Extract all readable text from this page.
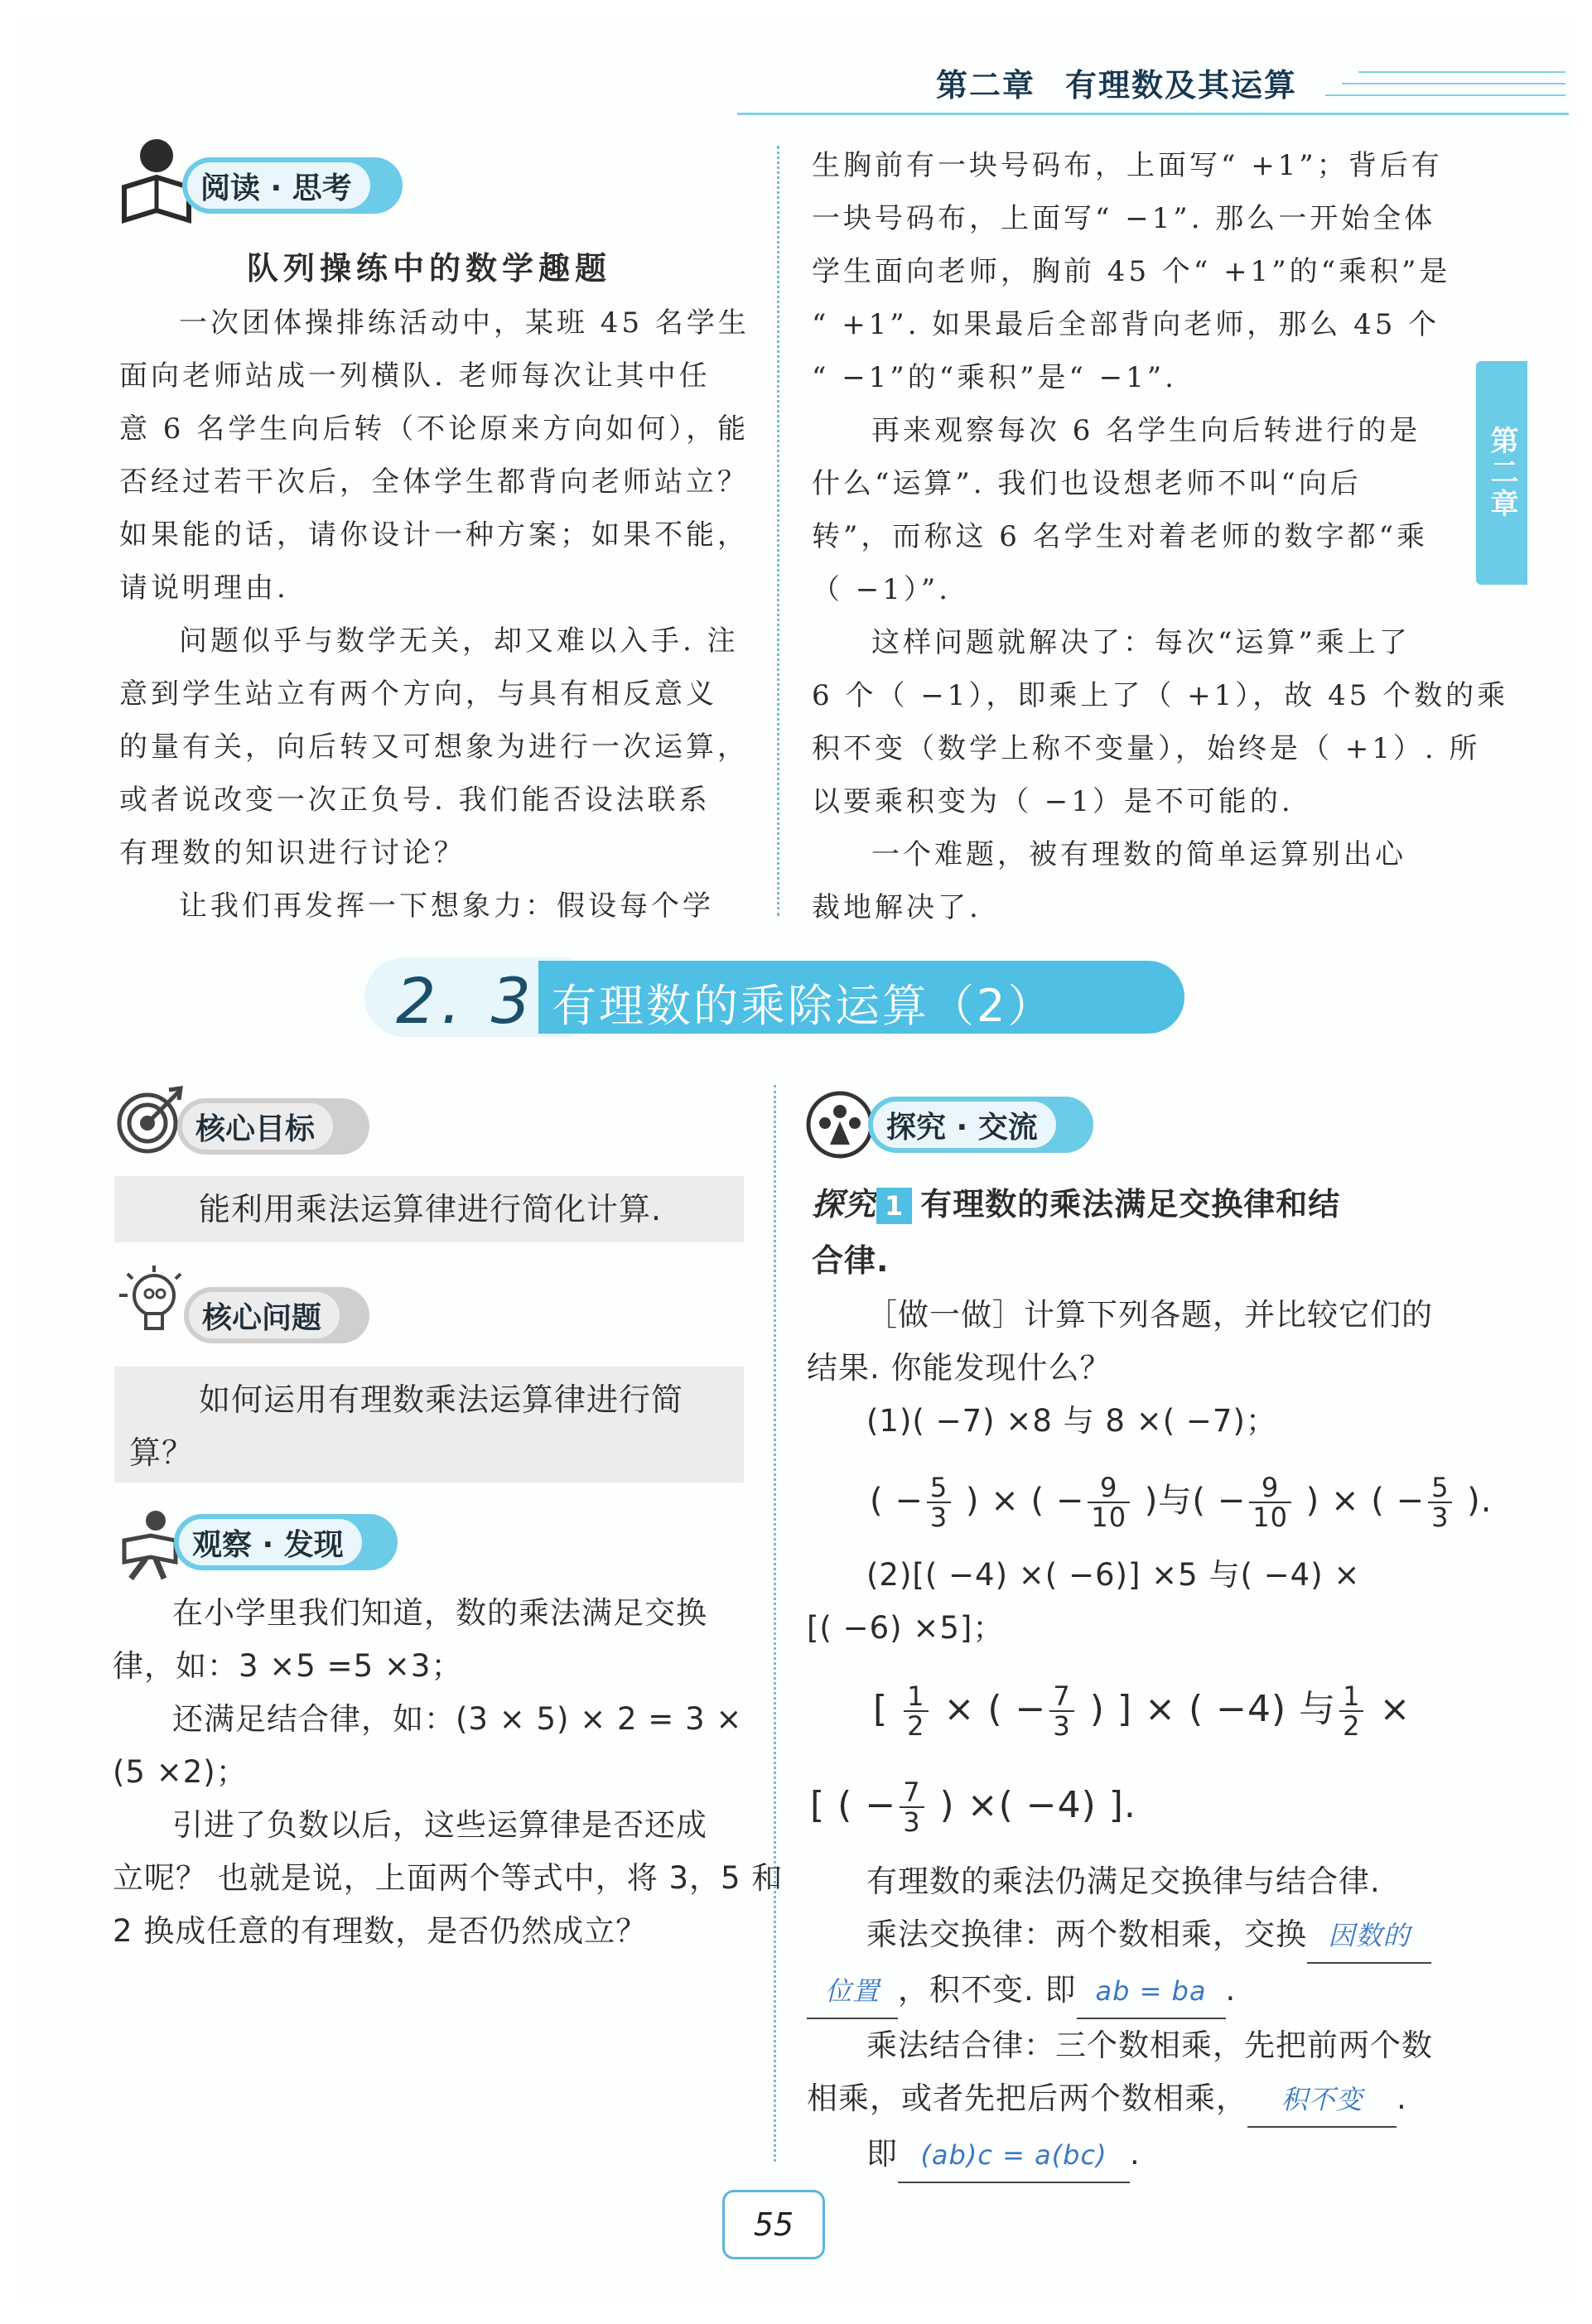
第二章 有理数及其运算
第二章
阅读 · 思考
队列操练中的数学趣题
一次团体操排练活动中，某班 45 名学生
面向老师站成一列横队. 老师每次让其中任
意 6 名学生向后转（不论原来方向如何），能
否经过若干次后，全体学生都背向老师站立？
如果能的话，请你设计一种方案；如果不能，
请说明理由.
问题似乎与数学无关，却又难以入手. 注
意到学生站立有两个方向，与具有相反意义
的量有关，向后转又可想象为进行一次运算，
或者说改变一次正负号. 我们能否设法联系
有理数的知识进行讨论？
让我们再发挥一下想象力：假设每个学
生胸前有一块号码布，上面写“ +1”；背后有
一块号码布，上面写“ −1”. 那么一开始全体
学生面向老师，胸前 45 个“ +1”的“乘积”是
“ +1”. 如果最后全部背向老师，那么 45 个
“ −1”的“乘积”是“ −1”.
再来观察每次 6 名学生向后转进行的是
什么“运算”. 我们也设想老师不叫“向后
转”，而称这 6 名学生对着老师的数字都“乘
（ −1）”.
这样问题就解决了：每次“运算”乘上了
6 个（ −1），即乘上了（ +1），故 45 个数的乘
积不变（数学上称不变量），始终是（ +1）. 所
以要乘积变为（ −1）是不可能的.
一个难题，被有理数的简单运算别出心
裁地解决了.
2. 3 有理数的乘除运算（2）
核心目标
能利用乘法运算律进行简化计算.
核心问题
如何运用有理数乘法运算律进行简
算？
观察 · 发现
在小学里我们知道，数的乘法满足交换
律，如：3 ×5 =5 ×3；
还满足结合律，如：(3 × 5) × 2 = 3 ×
(5 ×2)；
引进了负数以后，这些运算律是否还成
立呢？ 也就是说，上面两个等式中，将 3，5 和
2 换成任意的有理数，是否仍然成立？
探究 · 交流
探究 1 有理数的乘法满足交换律和结
合律.
［做一做］计算下列各题，并比较它们的
结果. 你能发现什么？
(1)( −7) ×8 与 8 ×( −7)；
( − $\frac{5}{3}$ ) × ( − $\frac{9}{10}$ )与( − $\frac{9}{10}$ ) × ( − $\frac{5}{3}$ ).
(2)[( −4) ×( −6)] ×5 与( −4) ×
[( −6) ×5]；
[ $\frac{1}{2}$ × ( − $\frac{7}{3}$ ) ] × ( −4) 与 $\frac{1}{2}$ ×
[ ( − $\frac{7}{3}$ ) ×( −4) ].
有理数的乘法仍满足交换律与结合律.
乘法交换律：两个数相乘，交换 因数的
位置 ，积不变. 即 ab = ba .
乘法结合律：三个数相乘，先把前两个数
相乘，或者先把后两个数相乘， 积不变 .
即 (ab)c = a(bc) .
55
